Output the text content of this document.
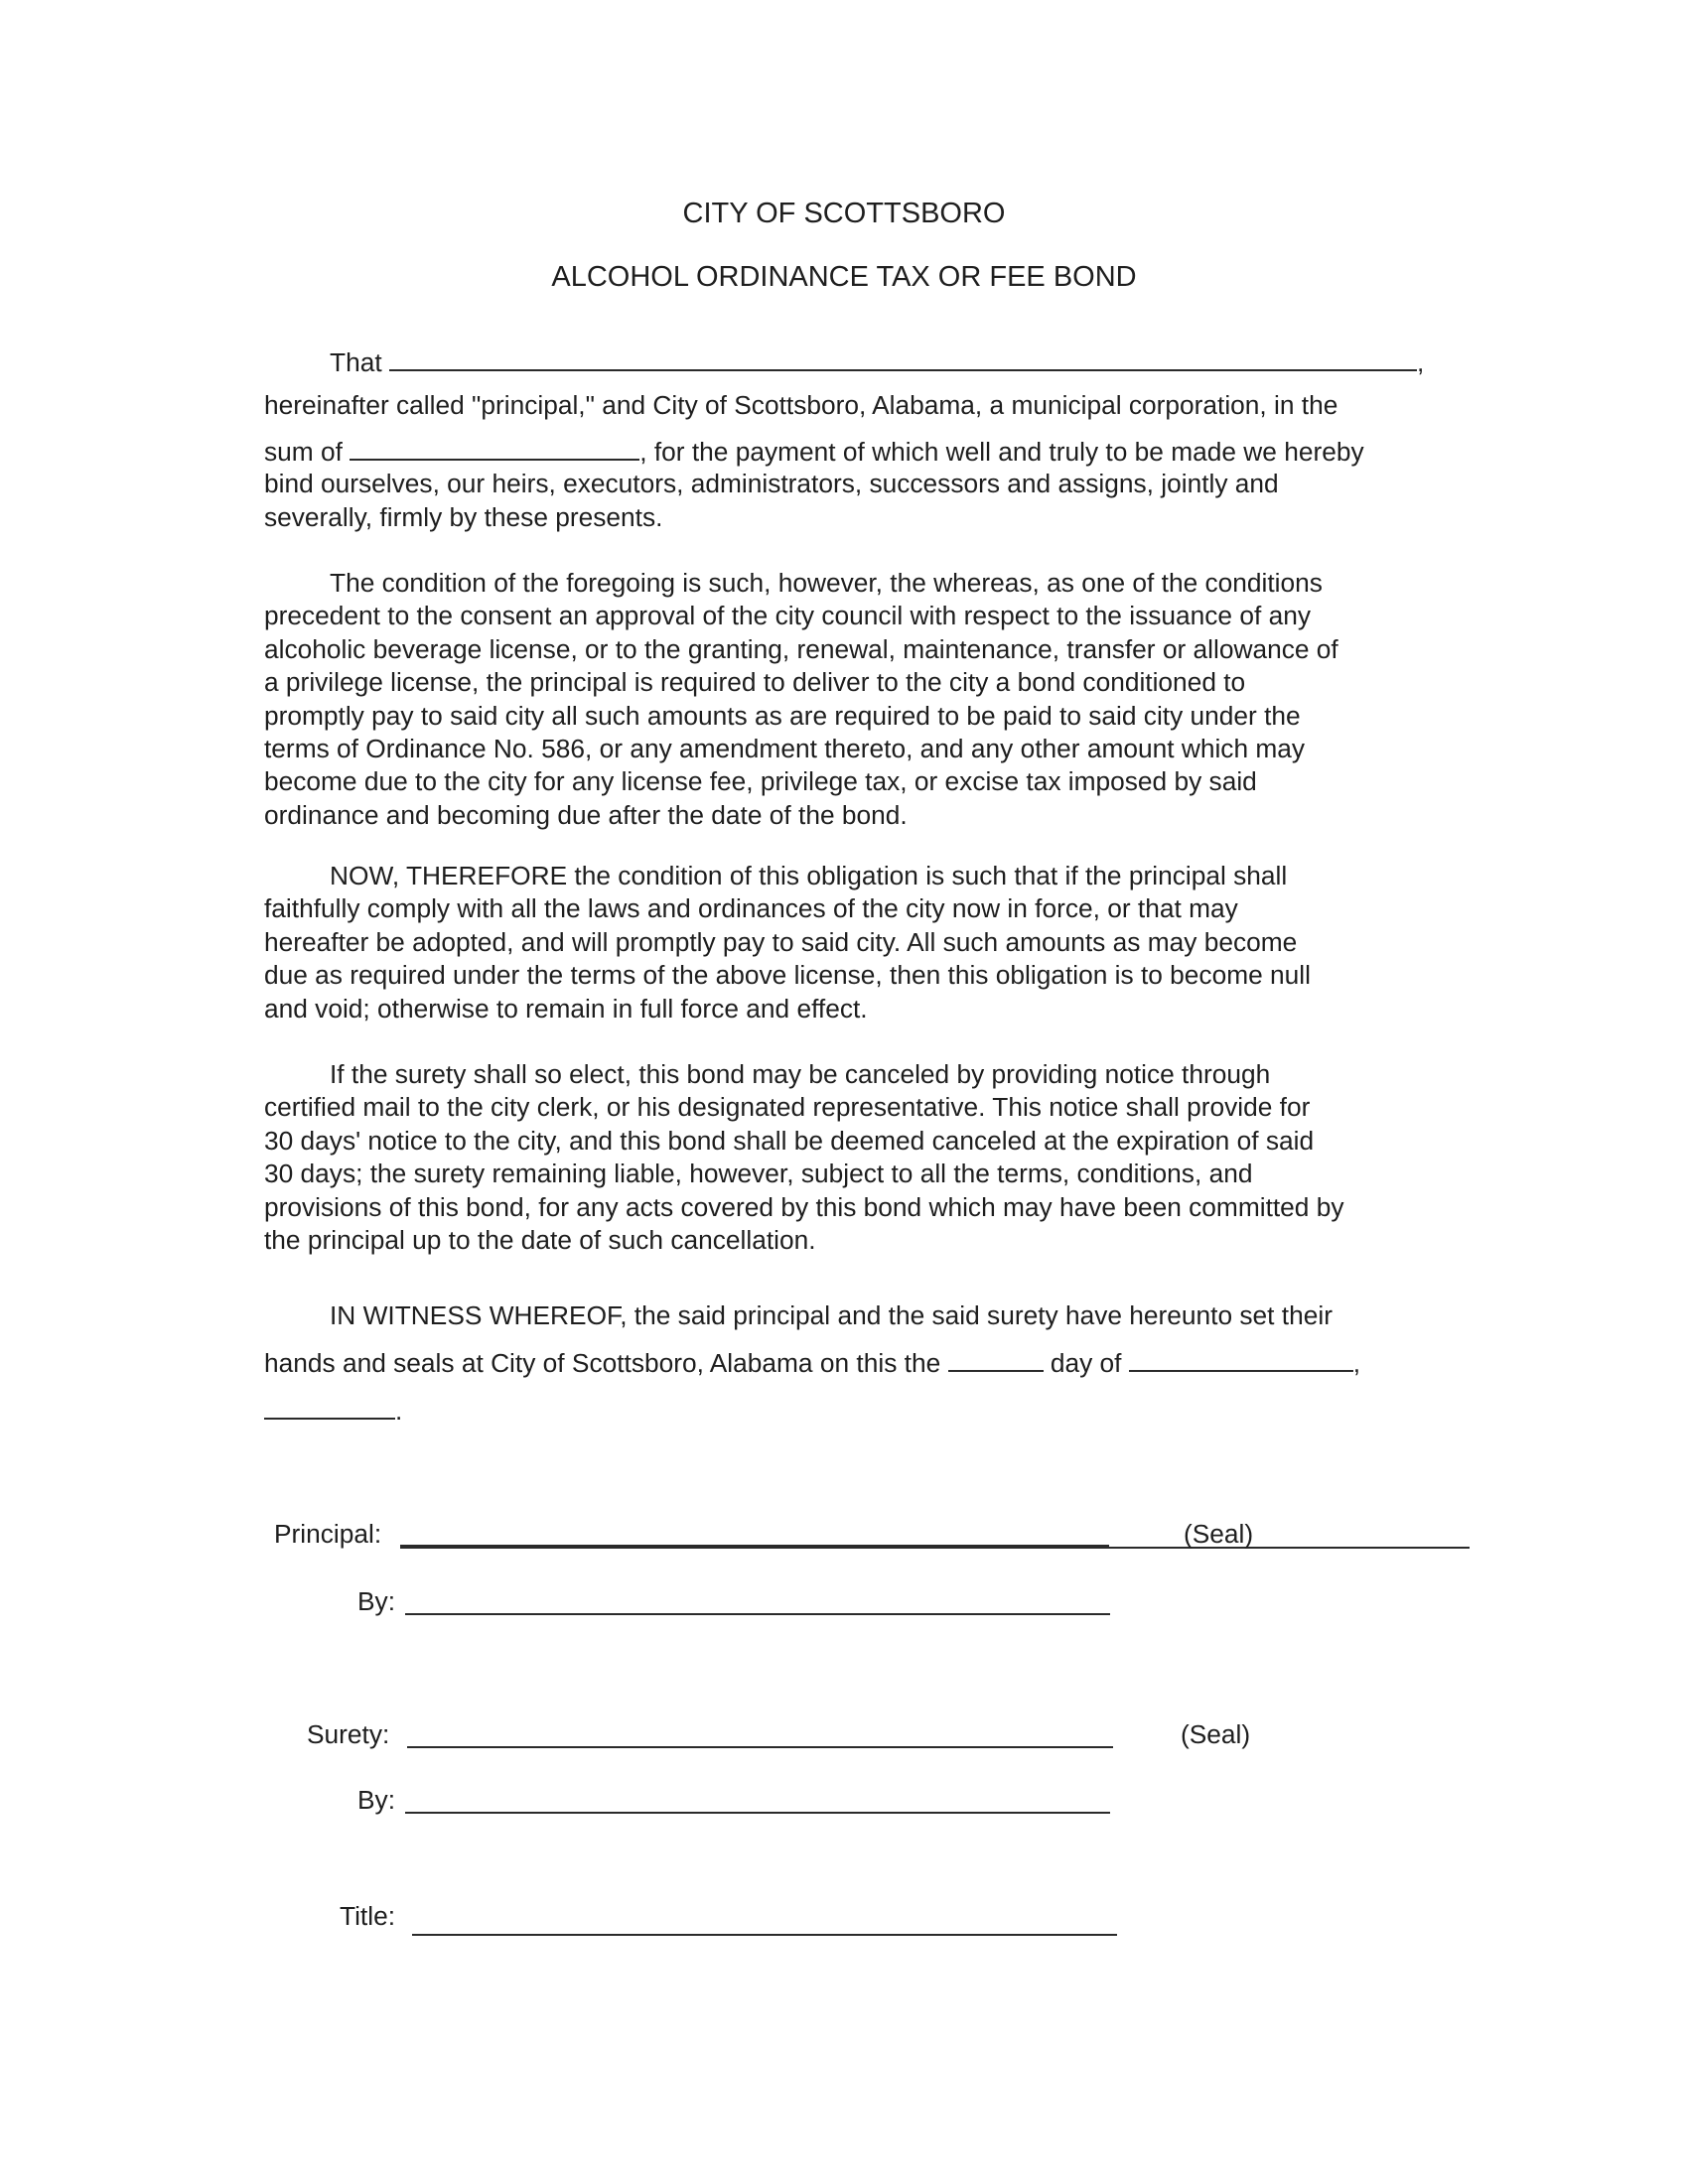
CITY OF SCOTTSBORO
ALCOHOL ORDINANCE TAX OR FEE BOND
That	,
hereinafter called "principal," and City of Scottsboro, Alabama, a municipal corporation, in the
sum of	, for the payment of which well and truly to be made we hereby
bind ourselves, our heirs, executors, administrators, successors and assigns, jointly and
severally, firmly by these presents.
The condition of the foregoing is such, however, the whereas, as one of the conditions
precedent to the consent an approval of the city council with respect to the issuance of any
alcoholic beverage license, or to the granting, renewal, maintenance, transfer or allowance of
a privilege license, the principal is required to deliver to the city a bond conditioned to
promptly pay to said city all such amounts as are required to be paid to said city under the
terms of Ordinance No. 586, or any amendment thereto, and any other amount which may
become due to the city for any license fee, privilege tax, or excise tax imposed by said
ordinance and becoming due after the date of the bond.
NOW, THEREFORE the condition of this obligation is such that if the principal shall
faithfully comply with all the laws and ordinances of the city now in force, or that may
hereafter be adopted, and will promptly pay to said city. All such amounts as may become
due as required under the terms of the above license, then this obligation is to become null
and void; otherwise to remain in full force and effect.
If the surety shall so elect, this bond may be canceled by providing notice through
certified mail to the city clerk, or his designated representative. This notice shall provide for
30 days' notice to the city, and this bond shall be deemed canceled at the expiration of said
30 days; the surety remaining liable, however, subject to all the terms, conditions, and
provisions of this bond, for any acts covered by this bond which may have been committed by
the principal up to the date of such cancellation.
IN WITNESS WHEREOF, the said principal and the said surety have hereunto set their
hands and seals at City of Scottsboro, Alabama on this the	day of	,
.
Principal:	(Seal)
By:
Surety:	(Seal)
By:
Title:
